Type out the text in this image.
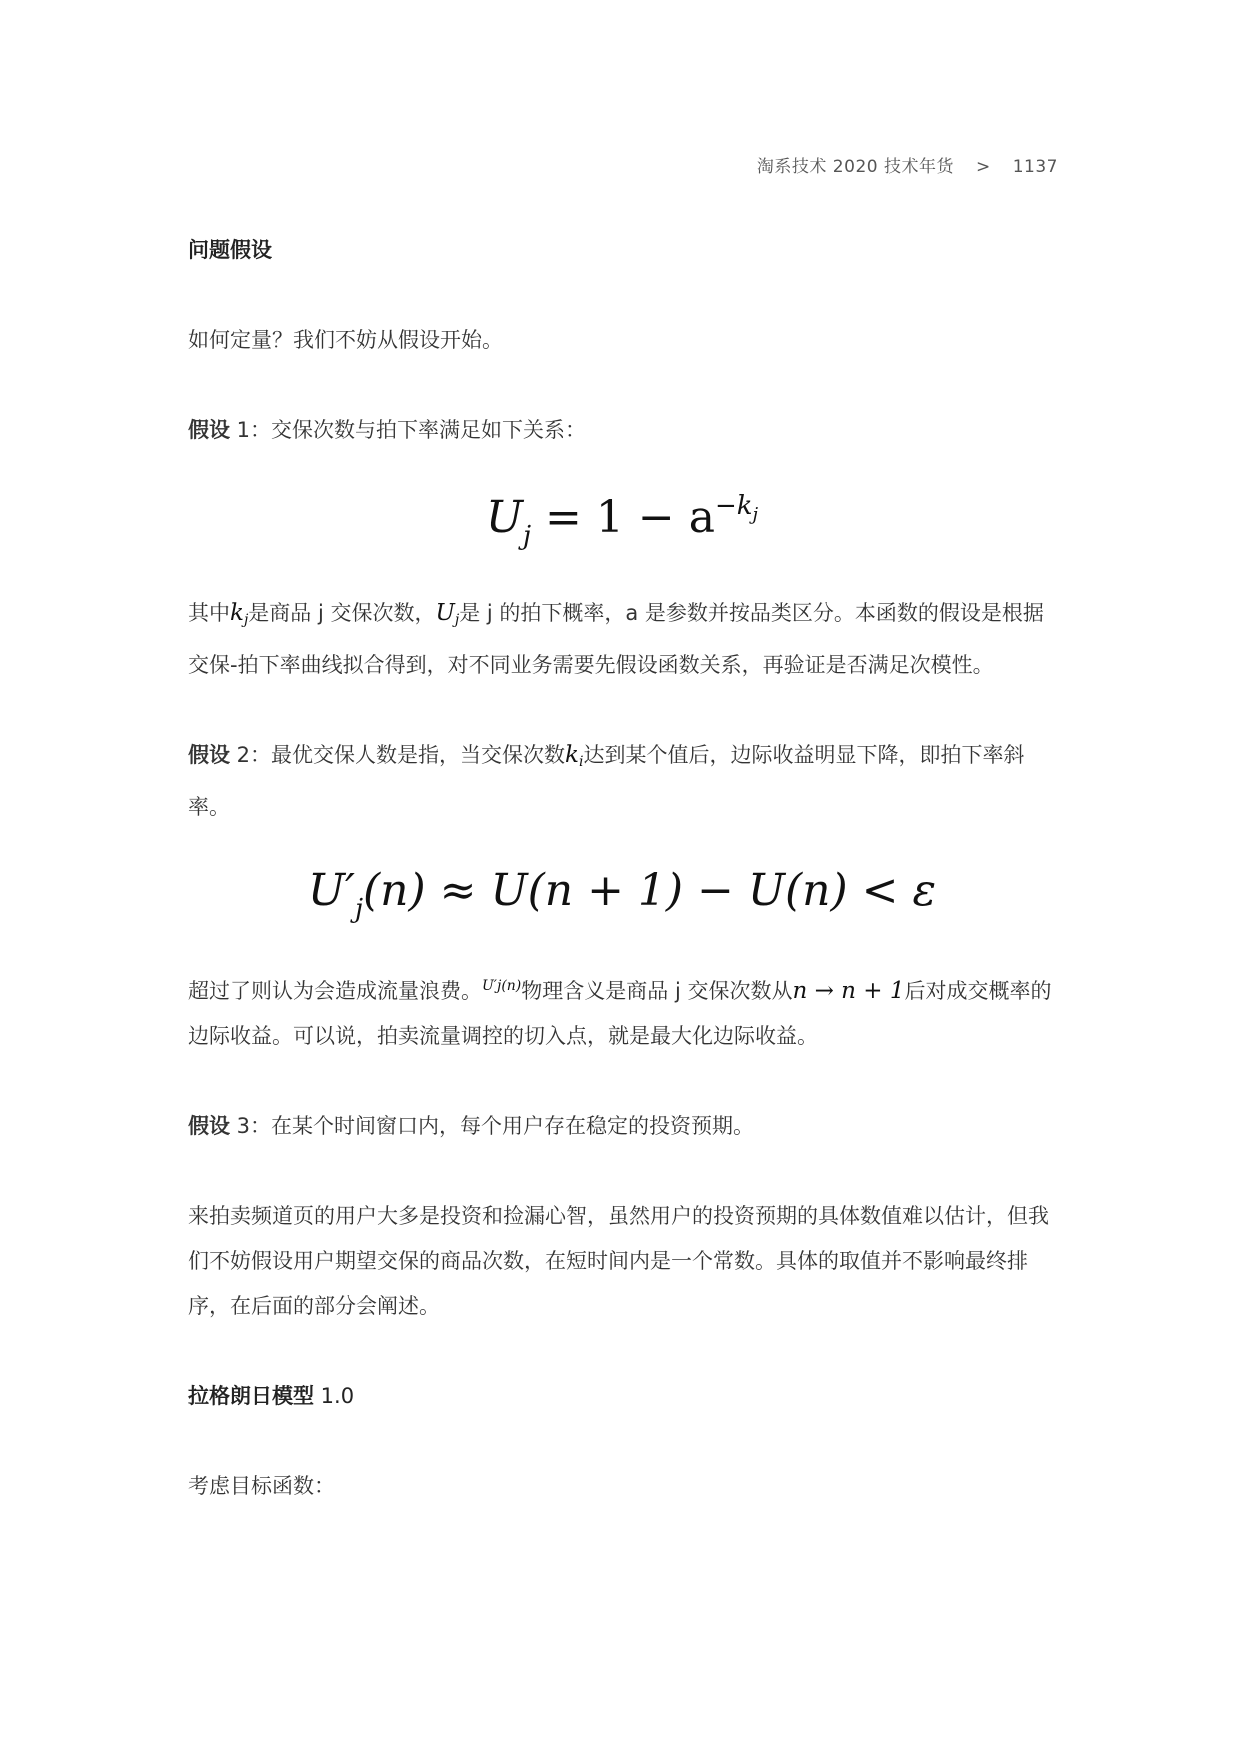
淘系技术 2020 技术年货 > 1137

问题假设

如何定量？我们不妨从假设开始。

假设 1：交保次数与拍下率满足如下关系：

$U_j = 1 - a^{-k_j}$

其中$k_j$是商品 j 交保次数，$U_j$是 j 的拍下概率，a 是参数并按品类区分。本函数的假设是根据交保-拍下率曲线拟合得到，对不同业务需要先假设函数关系，再验证是否满足次模性。

假设 2：最优交保人数是指，当交保次数$k_i$达到某个值后，边际收益明显下降，即拍下率斜率。

$U'_j(n) \approx U(n + 1) - U(n) < \varepsilon$

超过了则认为会造成流量浪费。$^{U'j(n)}$物理含义是商品 j 交保次数从n → n + 1后对成交概率的边际收益。可以说，拍卖流量调控的切入点，就是最大化边际收益。

假设 3：在某个时间窗口内，每个用户存在稳定的投资预期。

来拍卖频道页的用户大多是投资和捡漏心智，虽然用户的投资预期的具体数值难以估计，但我们不妨假设用户期望交保的商品次数，在短时间内是一个常数。具体的取值并不影响最终排序，在后面的部分会阐述。

拉格朗日模型 1.0

考虑目标函数：
